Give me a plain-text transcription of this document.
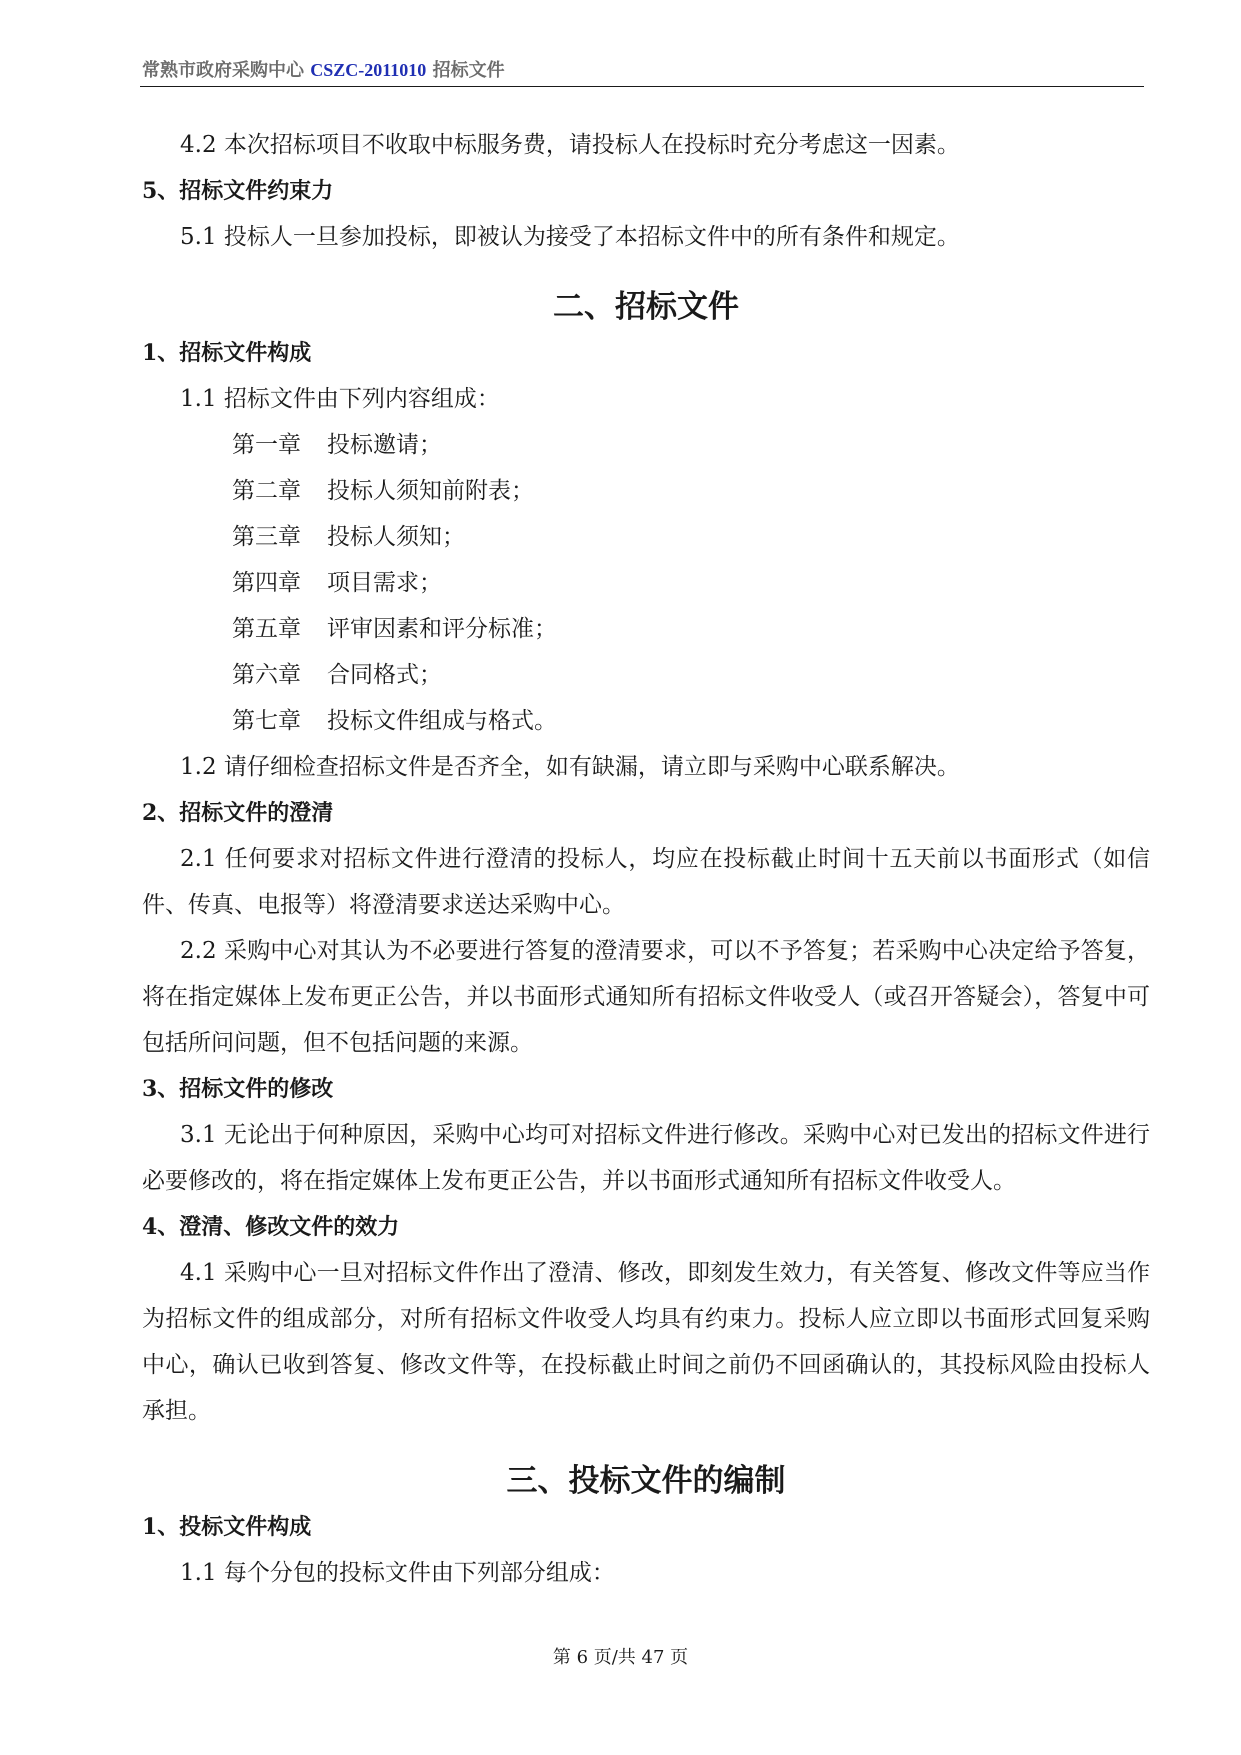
常熟市政府采购中心 CSZC-2011010 招标文件

4.2 本次招标项目不收取中标服务费，请投标人在投标时充分考虑这一因素。

5、招标文件约束力

5.1 投标人一旦参加投标，即被认为接受了本招标文件中的所有条件和规定。

二、招标文件
1、招标文件构成

1.1 招标文件由下列内容组成：

第一章 投标邀请；
第二章 投标人须知前附表；
第三章 投标人须知；
第四章 项目需求；
第五章 评审因素和评分标准；
第六章 合同格式；
第七章 投标文件组成与格式。

1.2 请仔细检查招标文件是否齐全，如有缺漏，请立即与采购中心联系解决。

2、招标文件的澄清

2.1 任何要求对招标文件进行澄清的投标人，均应在投标截止时间十五天前以书面形式（如信件、传真、电报等）将澄清要求送达采购中心。

2.2 采购中心对其认为不必要进行答复的澄清要求，可以不予答复；若采购中心决定给予答复，将在指定媒体上发布更正公告，并以书面形式通知所有招标文件收受人（或召开答疑会），答复中可包括所问问题，但不包括问题的来源。

3、招标文件的修改

3.1 无论出于何种原因，采购中心均可对招标文件进行修改。采购中心对已发出的招标文件进行必要修改的，将在指定媒体上发布更正公告，并以书面形式通知所有招标文件收受人。

4、澄清、修改文件的效力

4.1 采购中心一旦对招标文件作出了澄清、修改，即刻发生效力，有关答复、修改文件等应当作为招标文件的组成部分，对所有招标文件收受人均具有约束力。投标人应立即以书面形式回复采购中心，确认已收到答复、修改文件等，在投标截止时间之前仍不回函确认的，其投标风险由投标人承担。

三、投标文件的编制
1、投标文件构成

1.1 每个分包的投标文件由下列部分组成：

第 6 页/共 47 页
